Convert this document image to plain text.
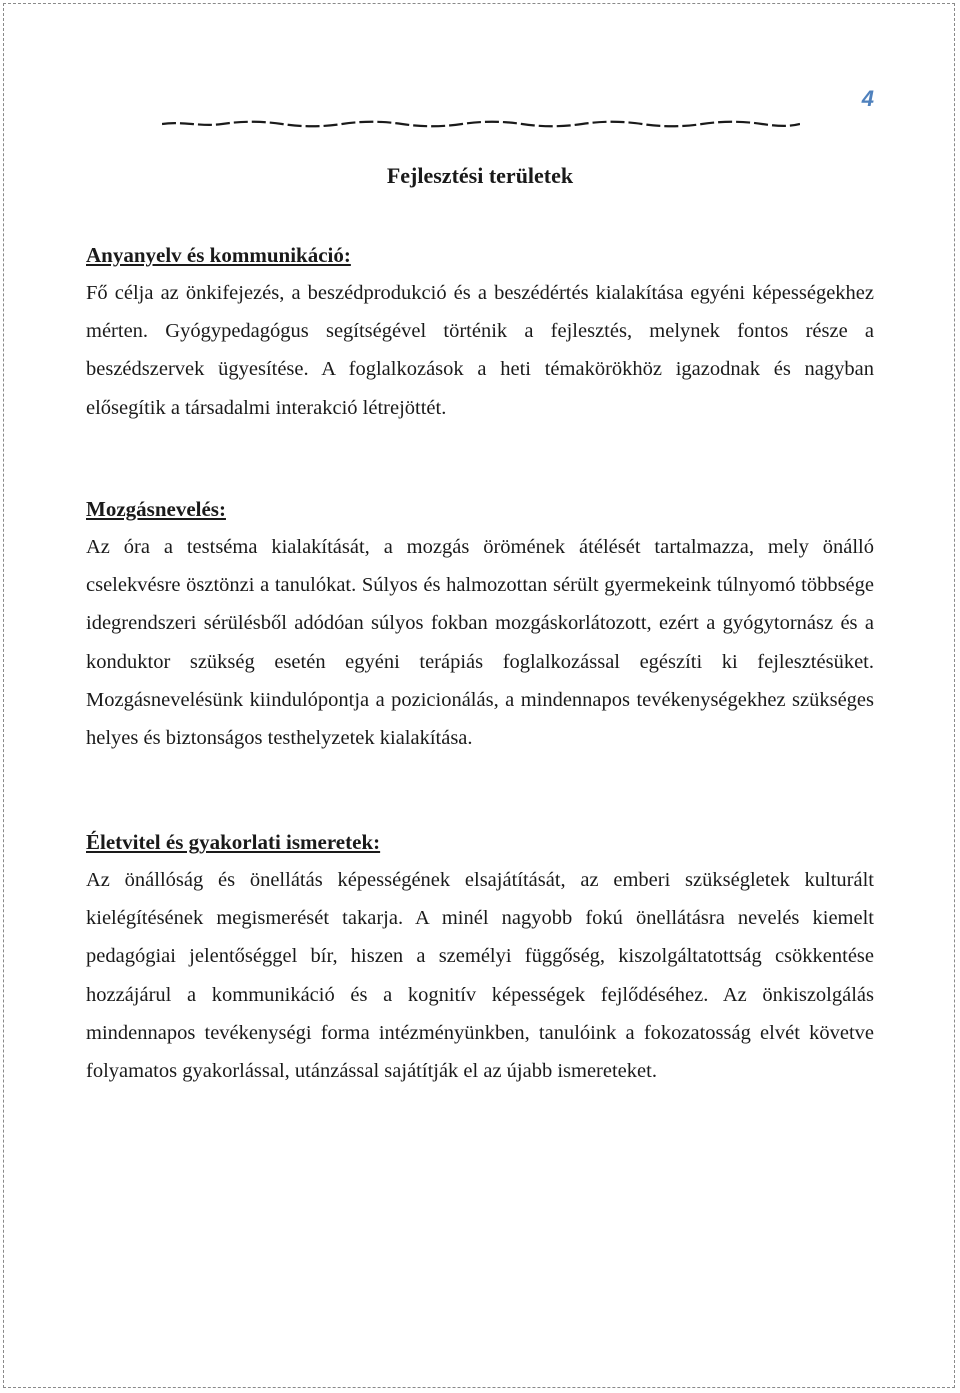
4
Fejlesztési területek

Anyanyelv és kommunikáció:

Fő célja az önkifejezés, a beszédprodukció és a beszédértés kialakítása egyéni képességekhez mérten. Gyógypedagógus segítségével történik a fejlesztés, melynek fontos része a beszédszervek ügyesítése. A foglalkozások a heti témakörökhöz igazodnak és nagyban elősegítik a társadalmi interakció létrejöttét.

Mozgásnevelés:

Az óra a testséma kialakítását, a mozgás örömének átélését tartalmazza, mely önálló cselekvésre ösztönzi a tanulókat. Súlyos és halmozottan sérült gyermekeink túlnyomó többsége idegrendszeri sérülésből adódóan súlyos fokban mozgáskorlátozott, ezért a gyógytornász és a konduktor szükség esetén egyéni terápiás foglalkozással egészíti ki fejlesztésüket. Mozgásnevelésünk kiindulópontja a pozicionálás, a mindennapos tevékenységekhez szükséges helyes és biztonságos testhelyzetek kialakítása.

Életvitel és gyakorlati ismeretek:

Az önállóság és önellátás képességének elsajátítását, az emberi szükségletek kulturált kielégítésének megismerését takarja. A minél nagyobb fokú önellátásra nevelés kiemelt pedagógiai jelentőséggel bír, hiszen a személyi függőség, kiszolgáltatottság csökkentése hozzájárul a kommunikáció és a kognitív képességek fejlődéséhez. Az önkiszolgálás mindennapos tevékenységi forma intézményünkben, tanulóink a fokozatosság elvét követve folyamatos gyakorlással, utánzással sajátítják el az újabb ismereteket.
